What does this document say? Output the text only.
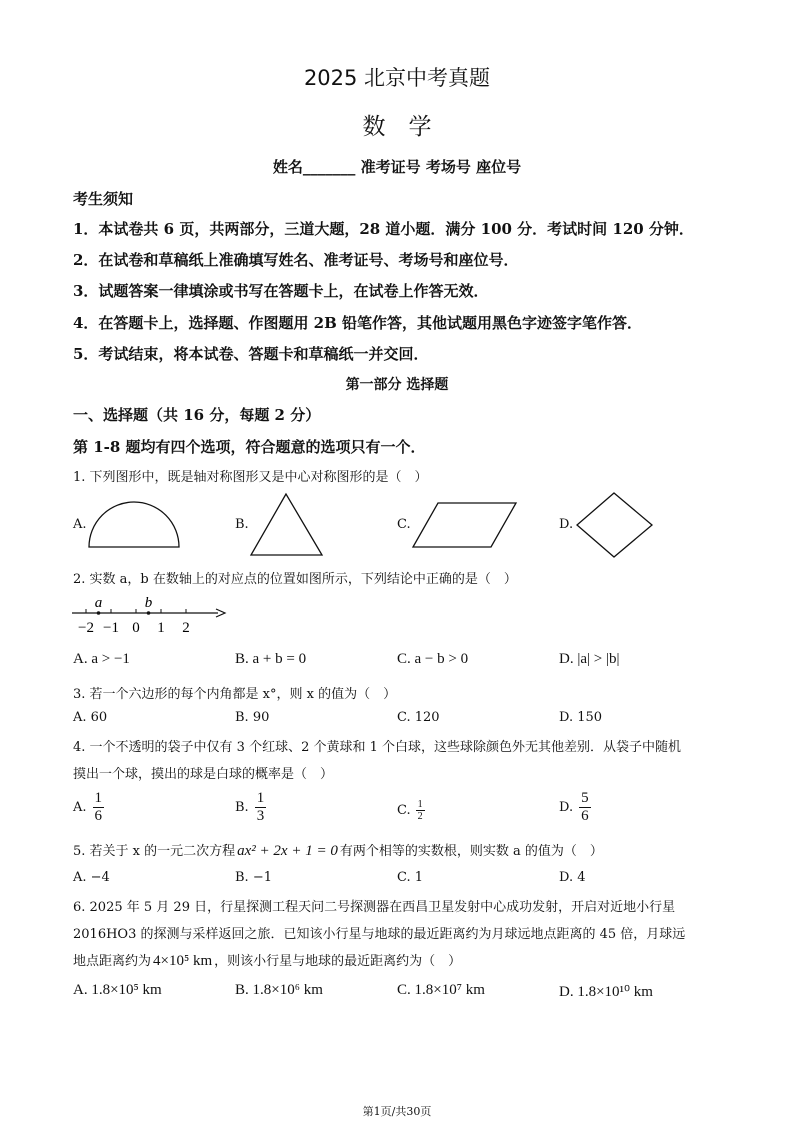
2025 北京中考真题
数　学
姓名_______ 准考证号 考场号 座位号
考生须知
1．本试卷共 6 页，共两部分，三道大题，28 道小题．满分 100 分．考试时间 120 分钟．
2．在试卷和草稿纸上准确填写姓名、准考证号、考场号和座位号．
3．试题答案一律填涂或书写在答题卡上，在试卷上作答无效．
4．在答题卡上，选择题、作图题用 2B 铅笔作答，其他试题用黑色字迹签字笔作答．
5．考试结束，将本试卷、答题卡和草稿纸一并交回．
第一部分 选择题
一、选择题（共 16 分，每题 2 分）
第 1-8 题均有四个选项，符合题意的选项只有一个．
1. 下列图形中，既是轴对称图形又是中心对称图形的是（　）
A.	B.	C.	D.
2. 实数 a，b 在数轴上的对应点的位置如图所示，下列结论中正确的是（　）
−2 −1 0 1 2
a	b
A. a > −1	B. a + b = 0	C. a − b > 0	D. |a| > |b|
3. 若一个六边形的每个内角都是 x°，则 x 的值为（　）
A. 60	B. 90	C. 120	D. 150
4. 一个不透明的袋子中仅有 3 个红球、2 个黄球和 1 个白球，这些球除颜色外无其他差别．从袋子中随机
摸出一个球，摸出的球是白球的概率是（　）
A. $\frac{1}{6}$	B. $\frac{1}{3}$	C. $\frac{1}{2}$	D. $\frac{5}{6}$
5. 若关于 x 的一元二次方程 ax² + 2x + 1 = 0 有两个相等的实数根，则实数 a 的值为（　）
A. −4	B. −1	C. 1	D. 4
6. 2025 年 5 月 29 日，行星探测工程天问二号探测器在西昌卫星发射中心成功发射，开启对近地小行星
2016HO3 的探测与采样返回之旅．已知该小行星与地球的最近距离约为月球远地点距离的 45 倍，月球远
地点距离约为 4×10⁵ km ，则该小行星与地球的最近距离约为（　）
A. 1.8×10⁵ km	B. 1.8×10⁶ km	C. 1.8×10⁷ km	D. 1.8×10¹⁰ km
第1页/共30页
